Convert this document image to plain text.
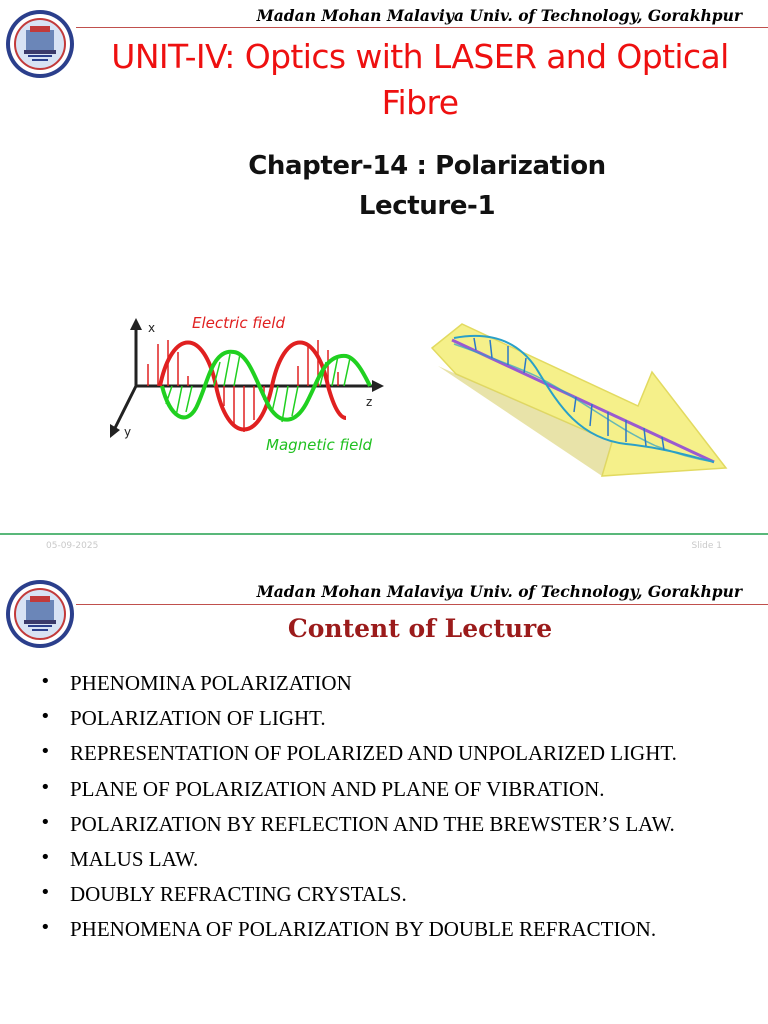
Madan Mohan Malaviya Univ. of Technology, Gorakhpur
UNIT-IV: Optics with LASER and Optical Fibre
Chapter-14 : Polarization
Lecture-1
x
y
z
Electric field
Magnetic field
05-09-2025	Slide 1
Madan Mohan Malaviya Univ. of Technology, Gorakhpur
Content of Lecture
• PHENOMINA POLARIZATION
• POLARIZATION OF LIGHT.
• REPRESENTATION OF POLARIZED AND UNPOLARIZED LIGHT.
• PLANE OF POLARIZATION AND PLANE OF VIBRATION.
• POLARIZATION BY REFLECTION AND THE BREWSTER’S LAW.
• MALUS LAW.
• DOUBLY REFRACTING CRYSTALS.
• PHENOMENA OF POLARIZATION BY DOUBLE REFRACTION.
